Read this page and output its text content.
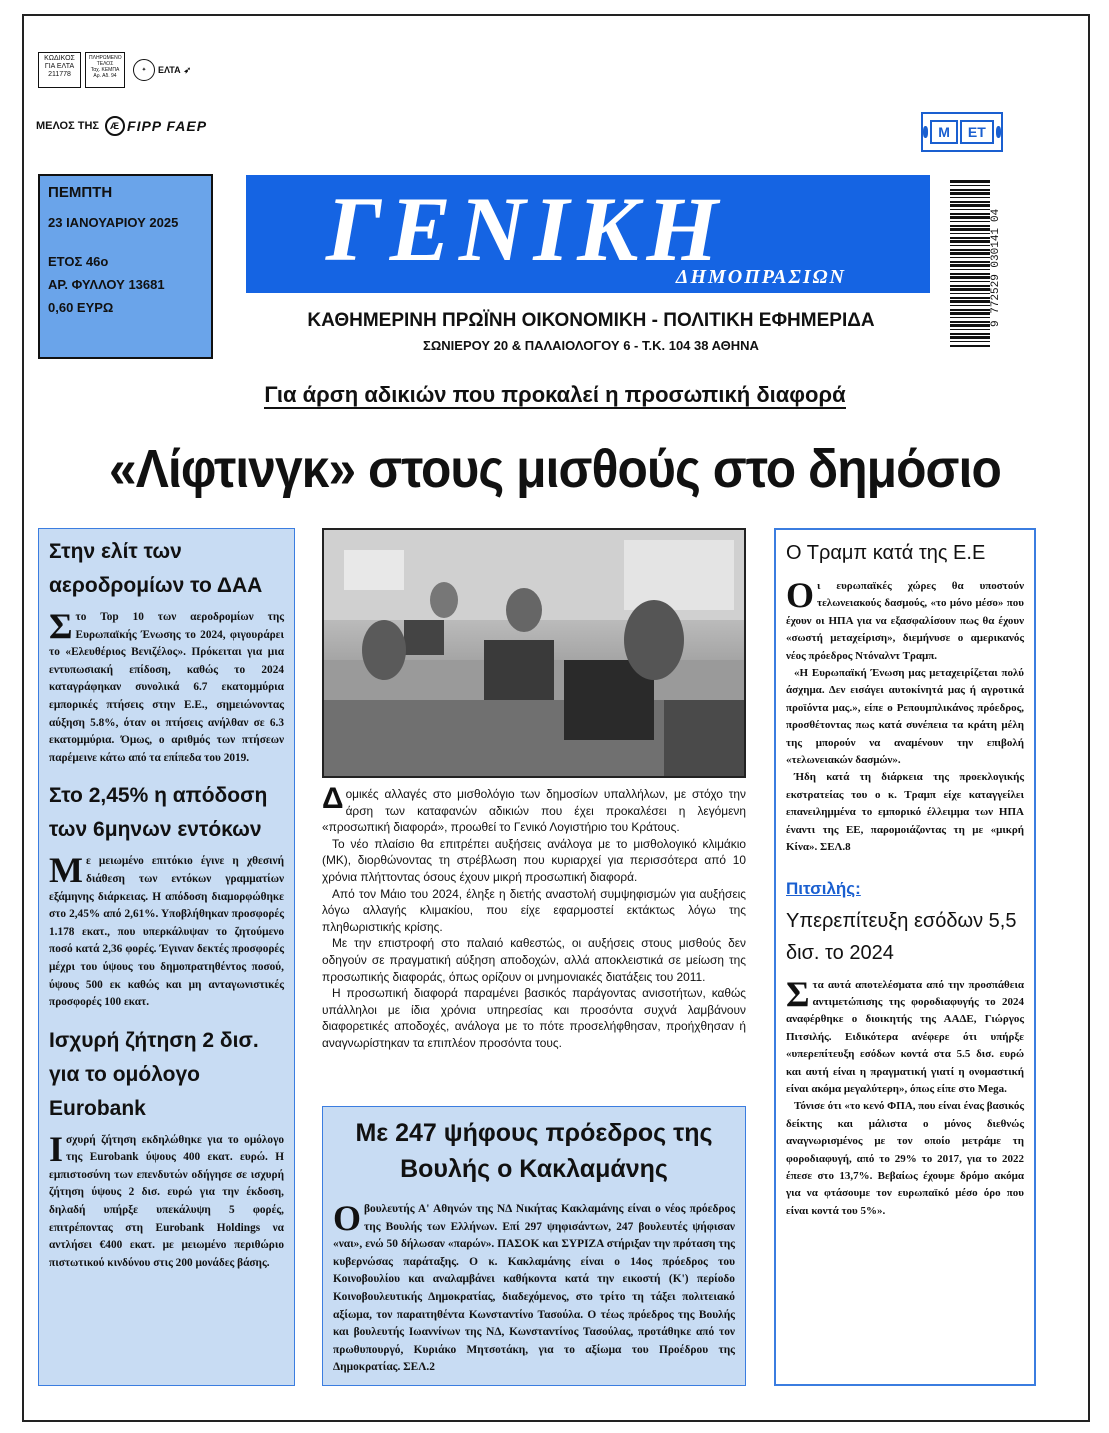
ΚΩΔΙΚΟΣ
ΓΙΑ ΕΛΤΑ
211778
ΠΛΗΡΩΜΕΝΟ
ΤΕΛΟΣ
Ταχ. ΚΕΜΠΑ
Αρ. Αδ. 94
✦	ΕΛΤΑ ➶
ΜΕΛΟΣ ΤΗΣ	Æ FIPP FAEP	Μ	ΕΤ
ΠΕΜΠΤΗ
23 ΙΑΝΟΥΑΡΙΟΥ 2025
ΕΤΟΣ 46ο
ΑΡ. ΦΥΛΛΟΥ 13681
0,60 ΕΥΡΩ
ΓΕΝΙΚΗ
ΔΗΜΟΠΡΑΣΙΩΝ
ΚΑΘΗΜΕΡΙΝΗ ΠΡΩΪΝΗ ΟΙΚΟΝΟΜΙΚΗ - ΠΟΛΙΤΙΚΗ ΕΦΗΜΕΡΙΔΑ
ΣΩΝΙΕΡΟΥ 20 & ΠΑΛΑΙΟΛΟΓΟΥ 6 - Τ.Κ. 104 38 ΑΘΗΝΑ
9 772529 030141 04
Για άρση αδικιών που προκαλεί η προσωπική διαφορά
«Λίφτινγκ» στους μισθούς στο δημόσιο
Στην ελίτ των αεροδρομίων το ΔΑΑ
Στο Top 10 των αεροδρομίων της Ευρωπαϊκής Ένωσης το 2024, φιγουράρει το «Ελευθέριος Βενιζέλος». Πρόκειται για μια εντυπωσιακή επίδοση, καθώς το 2024 καταγράφηκαν συνολικά 6.7 εκατομμύρια εμπορικές πτήσεις στην Ε.Ε., σημειώνοντας αύξηση 5.8%, όταν οι πτήσεις ανήλθαν σε 6.3 εκατομμύρια. Όμως, ο αριθμός των πτήσεων παρέμεινε κάτω από τα επίπεδα του 2019.
Στο 2,45% η απόδοση των 6μηνων εντόκων
Με μειωμένο επιτόκιο έγινε η χθεσινή διάθεση των εντόκων γραμματίων εξάμηνης διάρκειας. Η απόδοση διαμορφώθηκε στο 2,45% από 2,61%. Υποβλήθηκαν προσφορές 1.178 εκατ., που υπερκάλυψαν το ζητούμενο ποσό κατά 2,36 φορές. Έγιναν δεκτές προσφορές μέχρι του ύψους του δημοπρατηθέντος ποσού, ύψους 500 εκ καθώς και μη ανταγωνιστικές προσφορές 100 εκατ.
Ισχυρή ζήτηση 2 δισ. για το ομόλογο Eurobank
Ισχυρή ζήτηση εκδηλώθηκε για το ομόλογο της Eurobank ύψους 400 εκατ. ευρώ. Η εμπιστοσύνη των επενδυτών οδήγησε σε ισχυρή ζήτηση ύψους 2 δισ. ευρώ για την έκδοση, δηλαδή υπήρξε υπεκάλυψη 5 φορές, επιτρέποντας στη Eurobank Holdings να αντλήσει €400 εκατ. με μειωμένο περιθώριο πιστωτικού κινδύνου στις 200 μονάδες βάσης.

Δομικές αλλαγές στο μισθολόγιο των δημοσίων υπαλλήλων, με στόχο την άρση των καταφανών αδικιών που έχει προκαλέσει η λεγόμενη «προσωπική διαφορά», προωθεί το Γενικό Λογιστήριο του Κράτους.

Το νέο πλαίσιο θα επιτρέπει αυξήσεις ανάλογα με το μισθολογικό κλιμάκιο (ΜΚ), διορθώνοντας τη στρέβλωση που κυριαρχεί για περισσότερα από 10 χρόνια πλήττοντας όσους έχουν μικρή προσωπική διαφορά.

Από τον Μάιο του 2024, έληξε η διετής αναστολή συμψηφισμών για αυξήσεις λόγω αλλαγής κλιμακίου, που είχε εφαρμοστεί εκτάκτως λόγω της πληθωριστικής κρίσης.

Με την επιστροφή στο παλαιό καθεστώς, οι αυξήσεις στους μισθούς δεν οδηγούν σε πραγματική αύξηση αποδοχών, αλλά αποκλειστικά σε μείωση της προσωπικής διαφοράς, όπως ορίζουν οι μνημονιακές διατάξεις του 2011.

Η προσωπική διαφορά παραμένει βασικός παράγοντας ανισοτήτων, καθώς υπάλληλοι με ίδια χρόνια υπηρεσίας και προσόντα συχνά λαμβάνουν διαφορετικές αποδοχές, ανάλογα με το πότε προσελήφθησαν, προήχθησαν ή αναγνωρίστηκαν τα επιπλέον προσόντα τους.

Με 247 ψήφους πρόεδρος της Βουλής ο Κακλαμάνης
Οβουλευτής Α' Αθηνών της ΝΔ Νικήτας Κακλαμάνης είναι ο νέος πρόεδρος της Βουλής των Ελλήνων. Επί 297 ψηφισάντων, 247 βουλευτές ψήφισαν «ναι», ενώ 50 δήλωσαν «παρών». ΠΑΣΟΚ και ΣΥΡΙΖΑ στήριξαν την πρόταση της κυβερνώσας παράταξης. Ο κ. Κακλαμάνης είναι ο 14ος πρόεδρος του Κοινοβουλίου και αναλαμβάνει καθήκοντα κατά την εικοστή (Κ') περίοδο Κοινοβουλευτικής Δημοκρατίας, διαδεχόμενος, στο τρίτο τη τάξει πολιτειακό αξίωμα, τον παραιτηθέντα Κωνσταντίνο Τασούλα. Ο τέως πρόεδρος της Βουλής και βουλευτής Ιωαννίνων της ΝΔ, Κωνσταντίνος Τασούλας, προτάθηκε από τον πρωθυπουργό, Κυριάκο Μητσοτάκη, για το αξίωμα του Προέδρου της Δημοκρατίας. ΣΕΛ.2
Ο Τραμπ κατά της Ε.Ε

Οι ευρωπαϊκές χώρες θα υποστούν τελωνειακούς δασμούς, «το μόνο μέσο» που έχουν οι ΗΠΑ για να εξασφαλίσουν πως θα έχουν «σωστή μεταχείριση», διεμήνυσε ο αμερικανός νέος πρόεδρος Ντόναλντ Τραμπ.

«Η Ευρωπαϊκή Ένωση μας μεταχειρίζεται πολύ άσχημα. Δεν εισάγει αυτοκίνητά μας ή αγροτικά προϊόντα μας.», είπε ο Ρεπουμπλικάνος πρόεδρος, προσθέτοντας πως κατά συνέπεια τα κράτη μέλη της μπορούν να αναμένουν την επιβολή «τελωνειακών δασμών».

Ήδη κατά τη διάρκεια της προεκλογικής εκστρατείας του ο κ. Τραμπ είχε καταγγείλει επανειλημμένα το εμπορικό έλλειμμα των ΗΠΑ έναντι της ΕΕ, παρομοιάζοντας τη με «μικρή Κίνα». ΣΕΛ.8

Πιτσιλής:
Υπερεπίτευξη εσόδων 5,5 δισ. το 2024

Στα αυτά αποτελέσματα από την προσπάθεια αντιμετώπισης της φοροδιαφυγής το 2024 αναφέρθηκε ο διοικητής της ΑΑΔΕ, Γιώργος Πιτσιλής. Ειδικότερα ανέφερε ότι υπήρξε «υπερεπίτευξη εσόδων κοντά στα 5.5 δισ. ευρώ και αυτή είναι η πραγματική γιατί η ονομαστική είναι ακόμα μεγαλύτερη», όπως είπε στο Mega.

Τόνισε ότι «το κενό ΦΠΑ, που είναι ένας βασικός δείκτης και μάλιστα ο μόνος διεθνώς αναγνωρισμένος με τον οποίο μετράμε τη φοροδιαφυγή, από το 29% το 2017, για το 2022 έπεσε στο 13,7%. Βεβαίως έχουμε δρόμο ακόμα για να φτάσουμε τον ευρωπαϊκό μέσο όρο που είναι κοντά του 5%».
